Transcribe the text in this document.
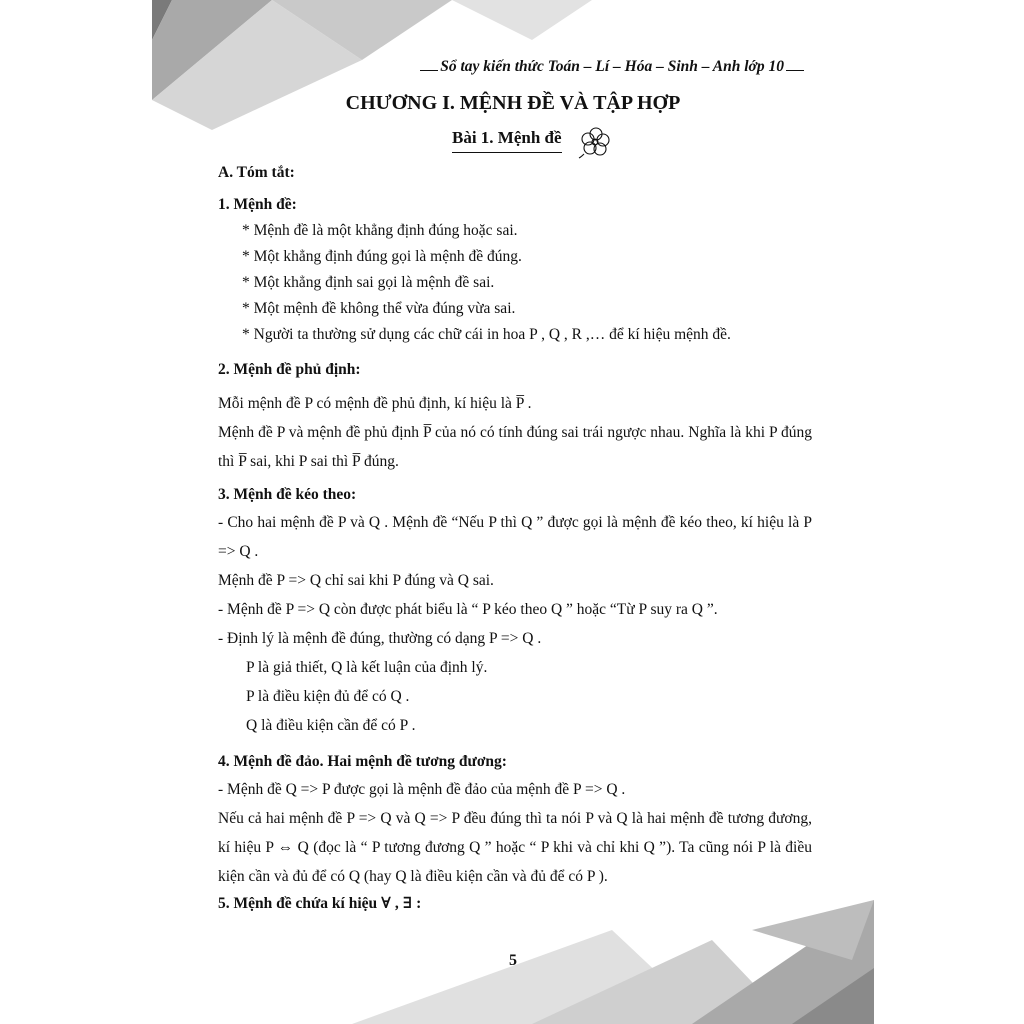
Sổ tay kiến thức Toán – Lí – Hóa – Sinh – Anh lớp 10
CHƯƠNG I. MỆNH ĐỀ VÀ TẬP HỢP
Bài 1. Mệnh đề

A. Tóm tắt:

1. Mệnh đề:

* Mệnh đề là một khẳng định đúng hoặc sai.

* Một khẳng định đúng gọi là mệnh đề đúng.

* Một khẳng định sai gọi là mệnh đề sai.

* Một mệnh đề không thể vừa đúng vừa sai.

* Người ta thường sử dụng các chữ cái in hoa P , Q , R ,… để kí hiệu mệnh đề.

2. Mệnh đề phủ định:

Mỗi mệnh đề P có mệnh đề phủ định, kí hiệu là P̅ .

Mệnh đề P và mệnh đề phủ định P̅ của nó có tính đúng sai trái ngược nhau. Nghĩa là khi P đúng thì P̅ sai, khi P sai thì P̅ đúng.

3. Mệnh đề kéo theo:

- Cho hai mệnh đề P và Q . Mệnh đề “Nếu P thì Q ” được gọi là mệnh đề kéo theo, kí hiệu là P => Q .

Mệnh đề P => Q chỉ sai khi P đúng và Q sai.

- Mệnh đề P => Q còn được phát biểu là “ P kéo theo Q ” hoặc “Từ P suy ra Q ”.

- Định lý là mệnh đề đúng, thường có dạng P => Q .

P là giả thiết, Q là kết luận của định lý.

P là điều kiện đủ để có Q .

Q là điều kiện cần để có P .

4. Mệnh đề đảo. Hai mệnh đề tương đương:

- Mệnh đề Q => P được gọi là mệnh đề đảo của mệnh đề P => Q .

Nếu cả hai mệnh đề P => Q và Q => P đều đúng thì ta nói P và Q là hai mệnh đề tương đương, kí hiệu P ⇔ Q (đọc là “ P tương đương Q ” hoặc “ P khi và chỉ khi Q ”). Ta cũng nói P là điều kiện cần và đủ để có Q (hay Q là điều kiện cần và đủ để có P ).

5. Mệnh đề chứa kí hiệu ∀ , ∃ :

5
